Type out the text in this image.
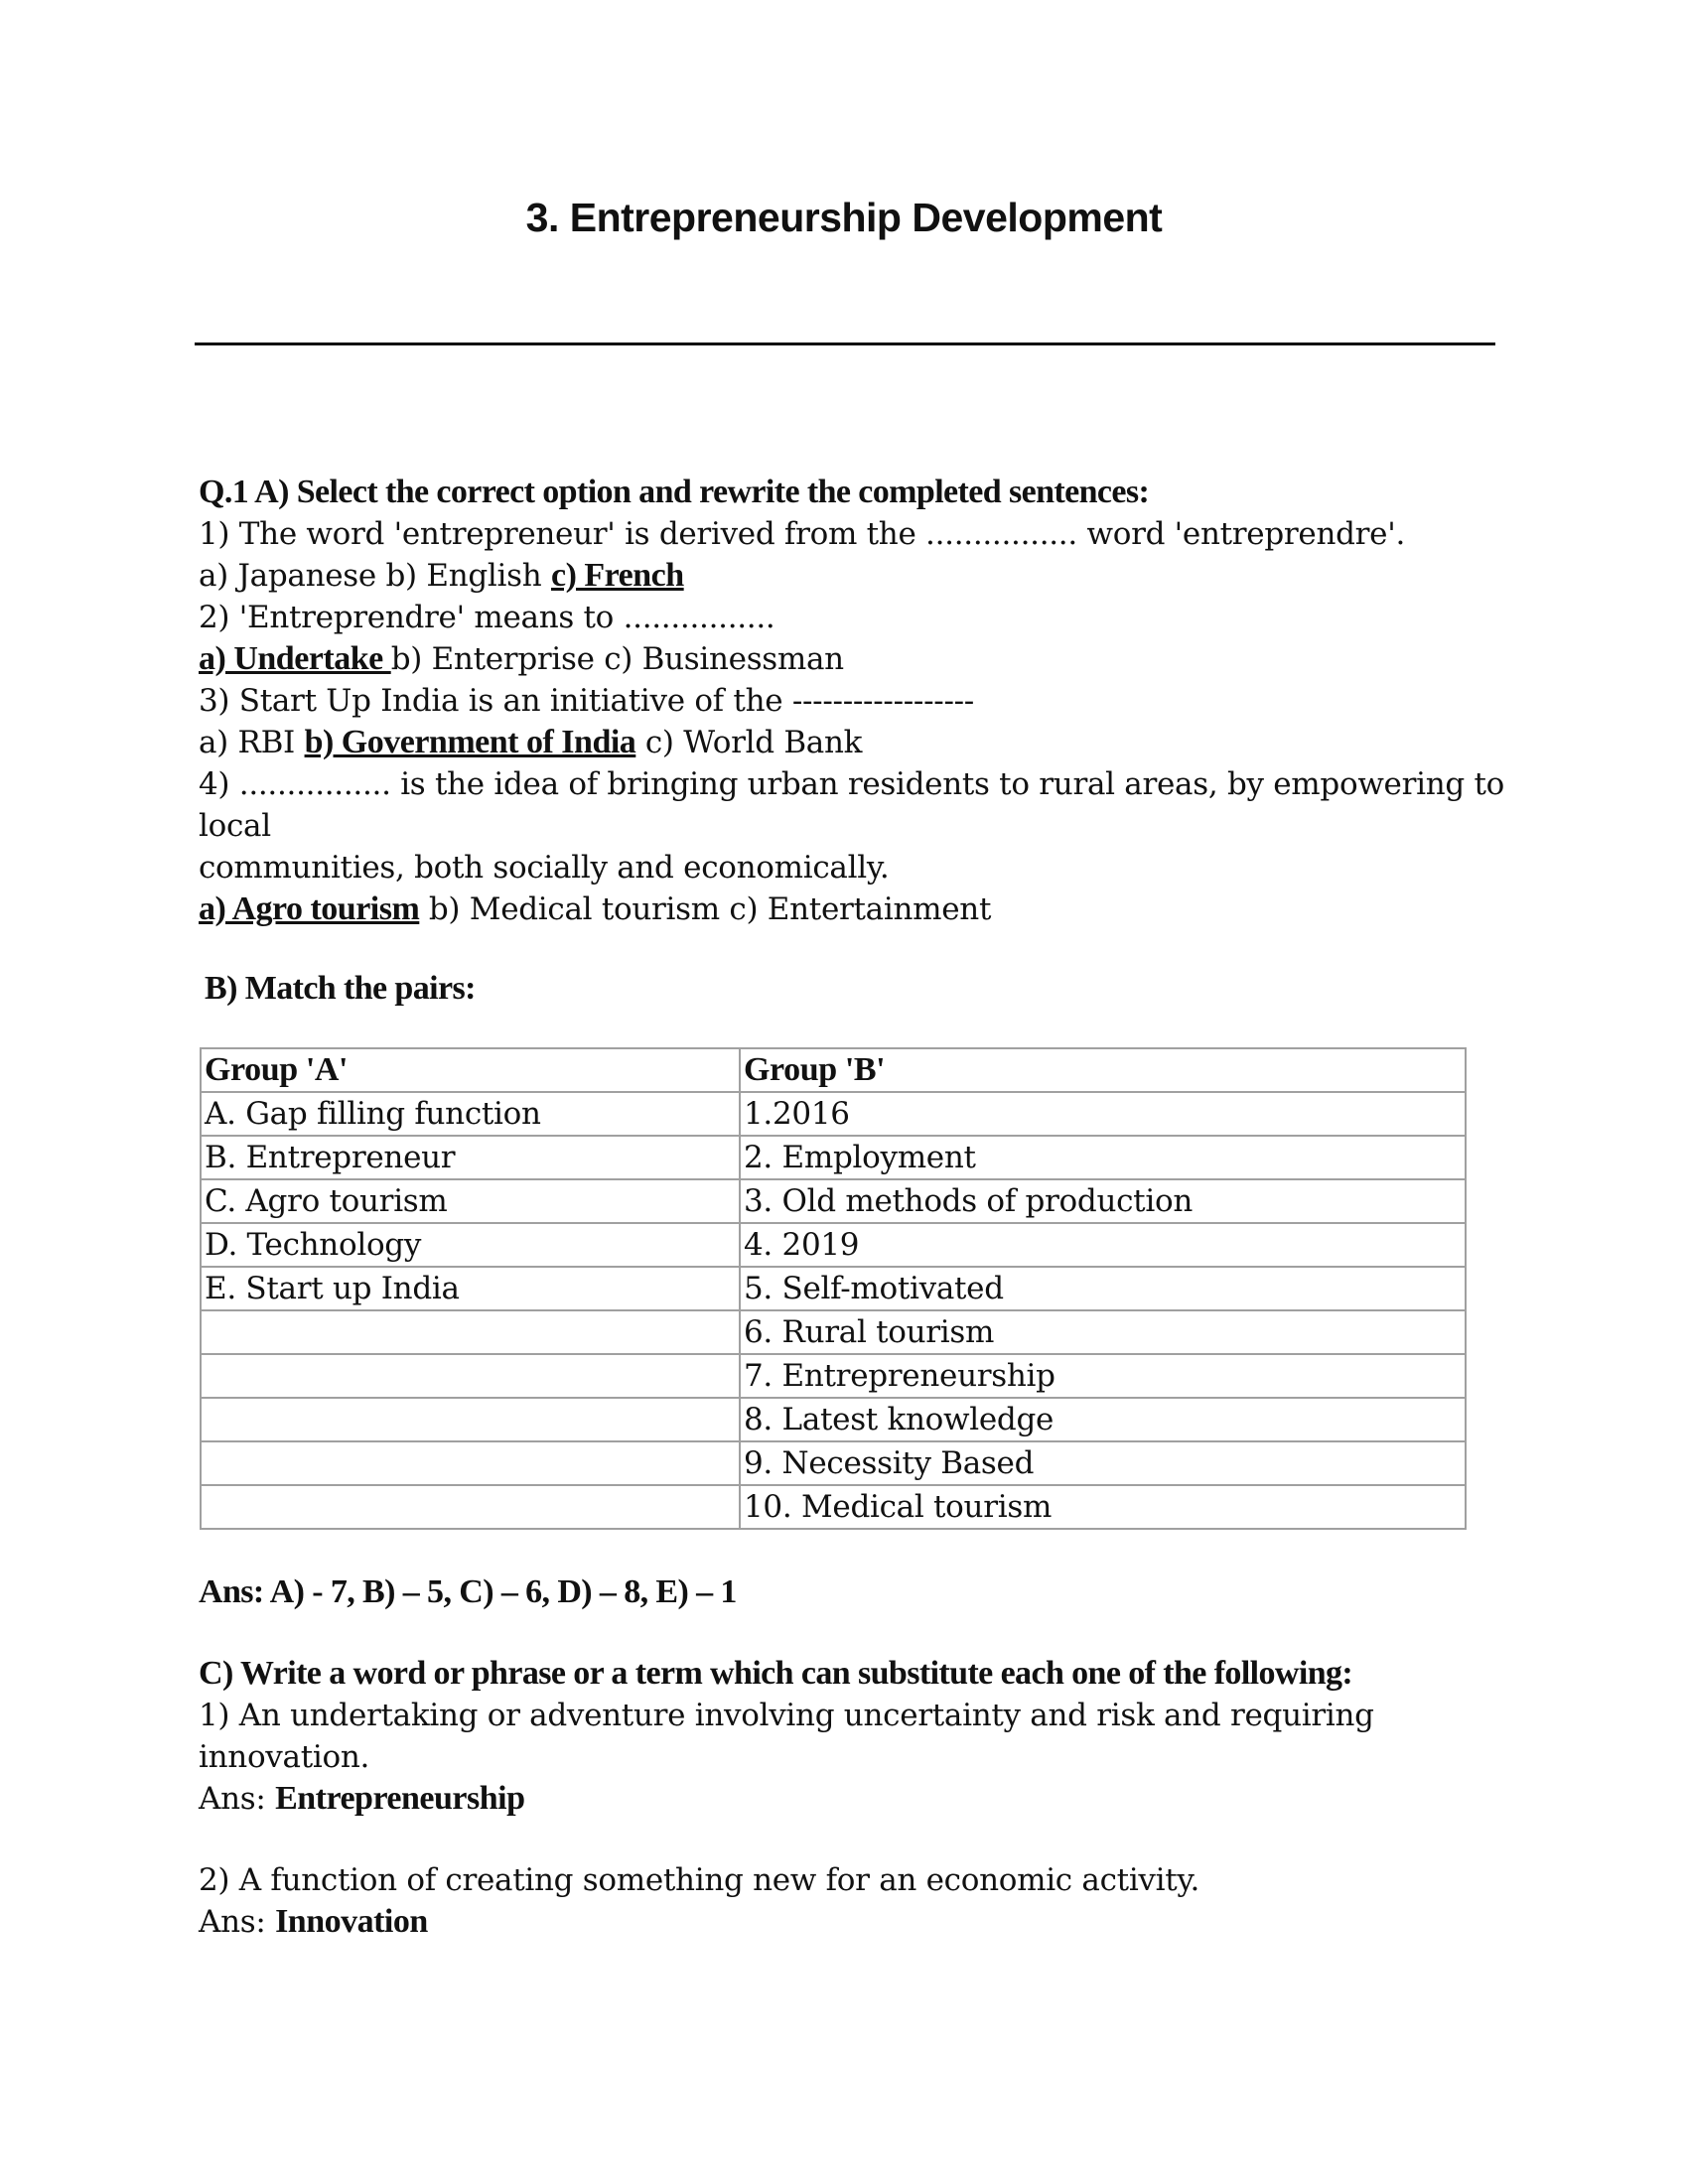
3. Entrepreneurship Development
Q.1 A) Select the correct option and rewrite the completed sentences:
1) The word 'entrepreneur' is derived from the ................ word 'entreprendre'.
a) Japanese b) English c) French
2) 'Entreprendre' means to ................
a) Undertake b) Enterprise c) Businessman
3) Start Up India is an initiative of the ------------------
a) RBI b) Government of India c) World Bank
4) ................ is the idea of bringing urban residents to rural areas, by empowering to
local
communities, both socially and economically.
a) Agro tourism b) Medical tourism c) Entertainment
B) Match the pairs:
Group 'A'	Group 'B'
A. Gap filling function	1.2016
B. Entrepreneur	2. Employment
C. Agro tourism	3. Old methods of production
D. Technology	4. 2019
E. Start up India	5. Self-motivated
	6. Rural tourism
	7. Entrepreneurship
	8. Latest knowledge
	9. Necessity Based
	10. Medical tourism
Ans: A) - 7, B) – 5, C) – 6, D) – 8, E) – 1
C) Write a word or phrase or a term which can substitute each one of the following:
1) An undertaking or adventure involving uncertainty and risk and requiring
innovation.
Ans: Entrepreneurship
2) A function of creating something new for an economic activity.
Ans: Innovation
